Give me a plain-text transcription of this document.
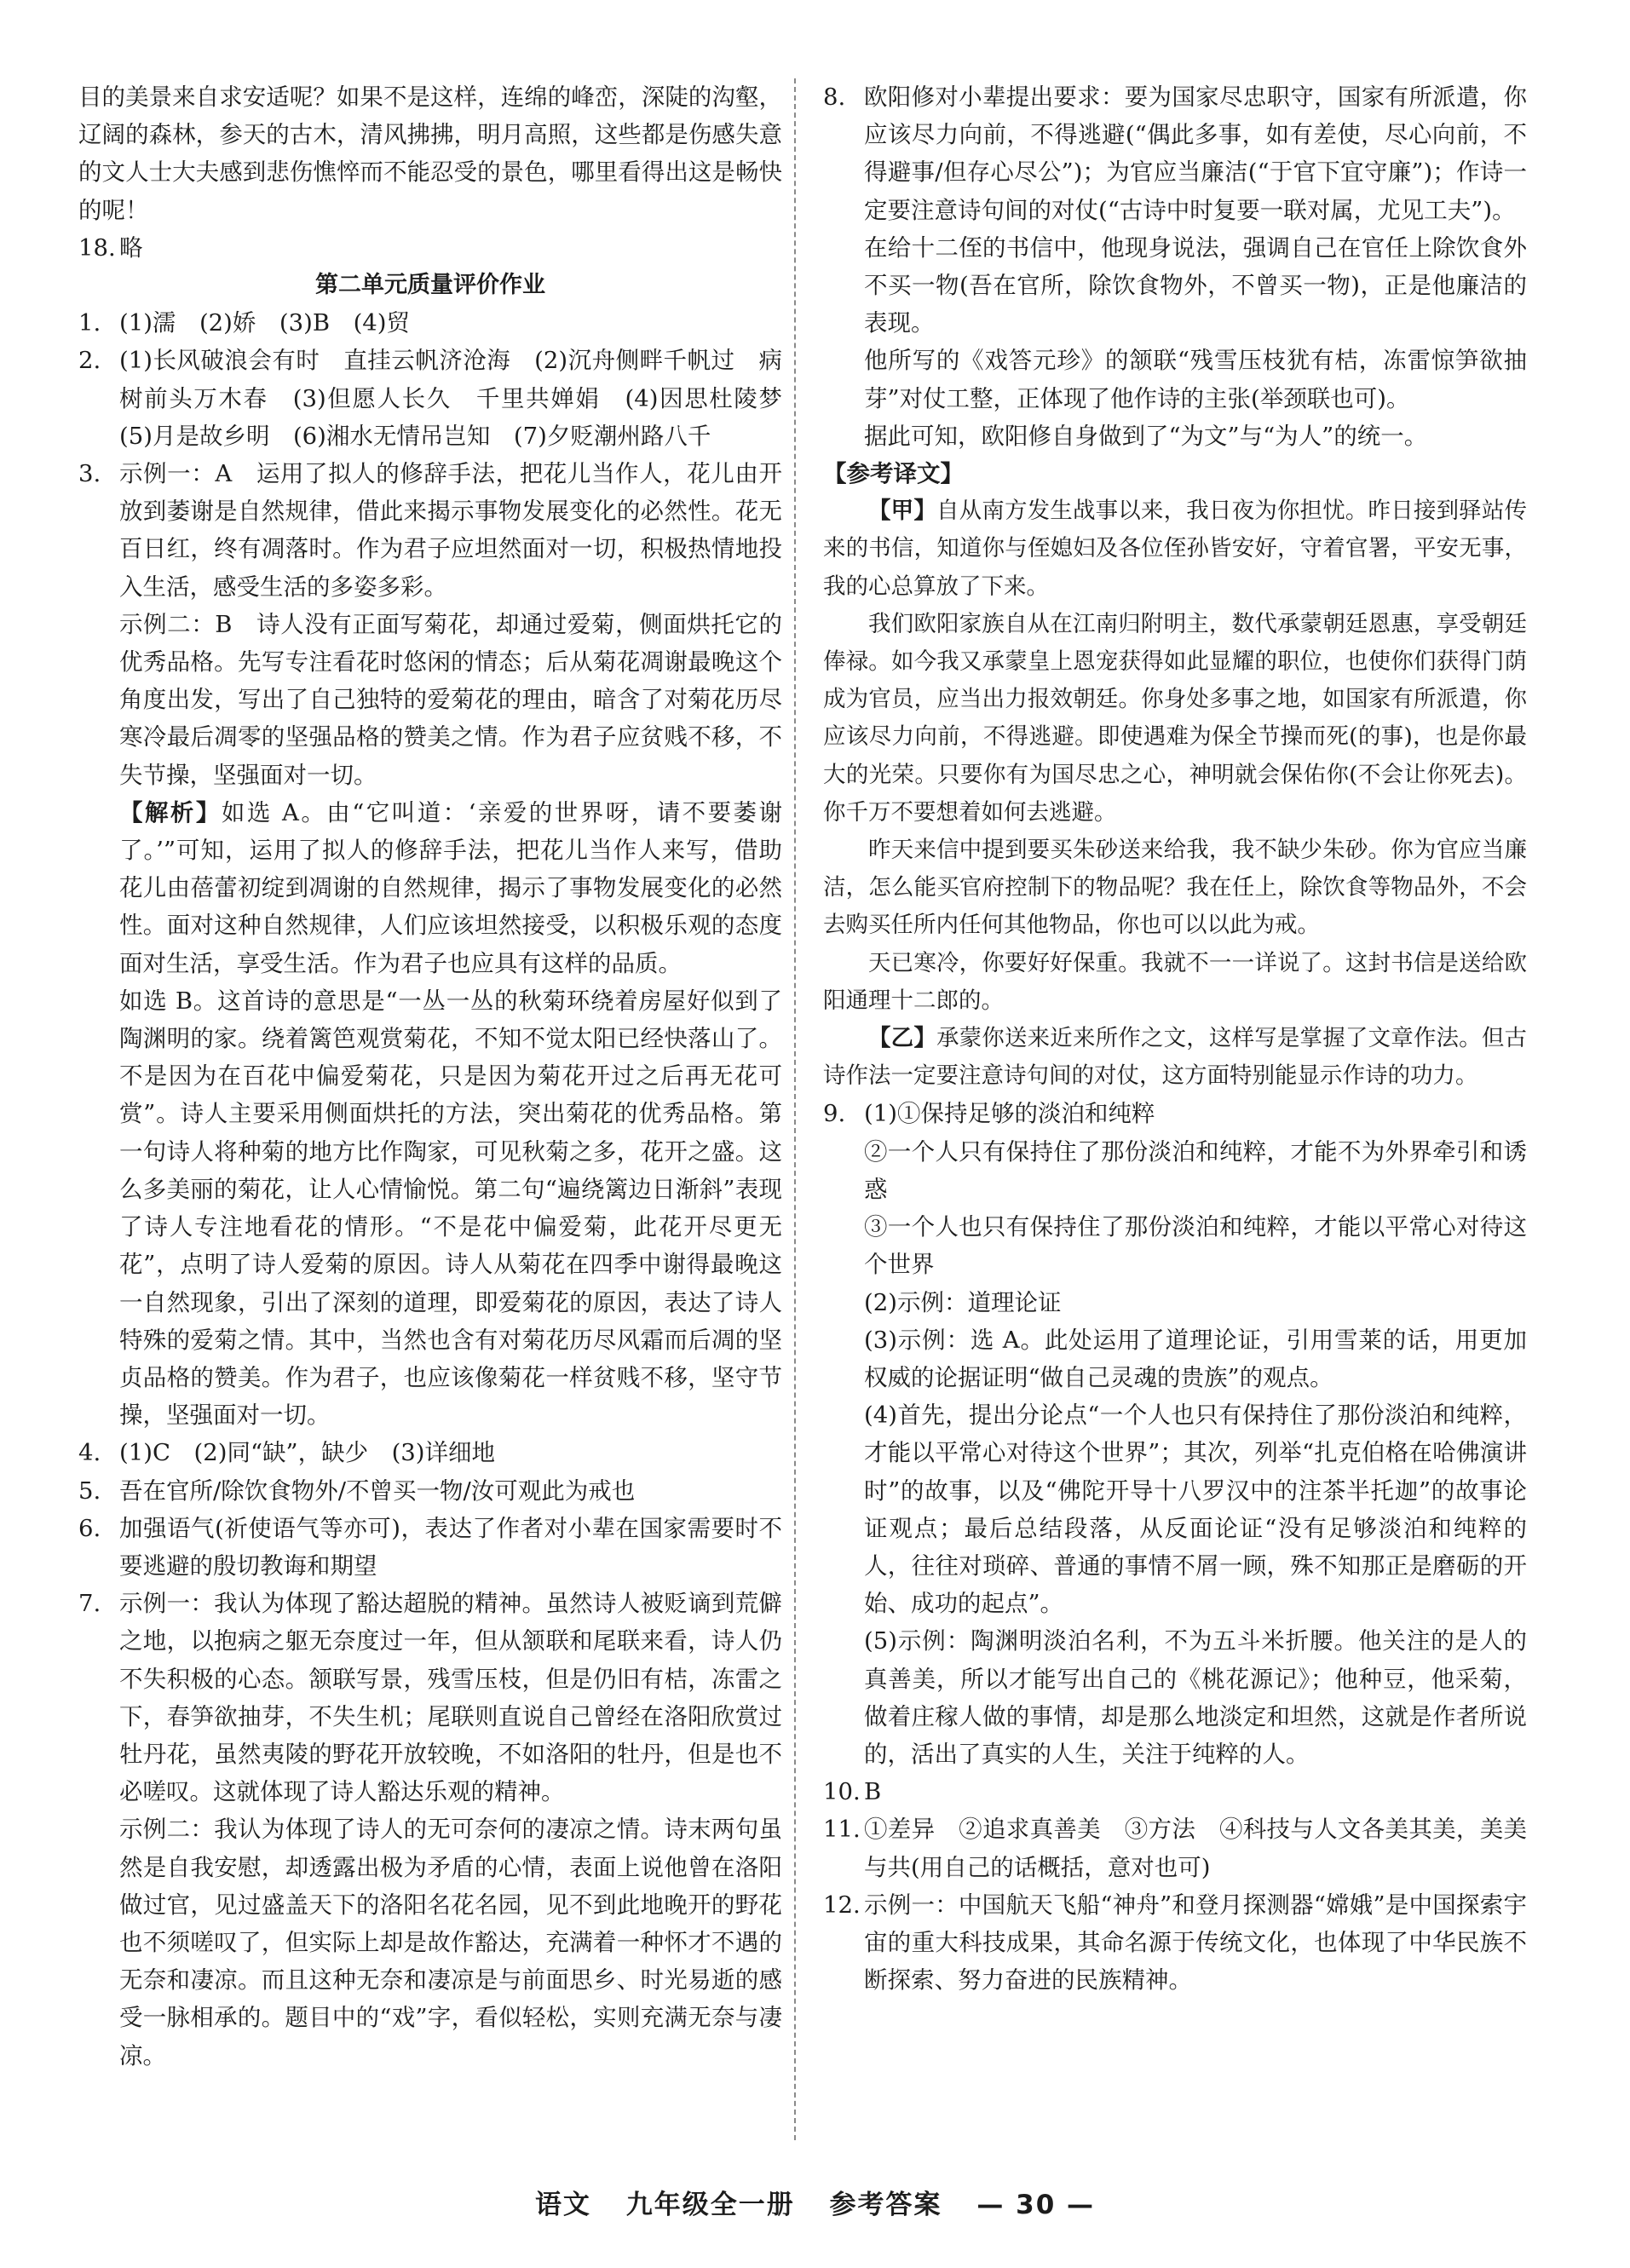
目的美景来自求安适呢？如果不是这样，连绵的峰峦，深陡的沟壑，辽阔的森林，参天的古木，清风拂拂，明月高照，这些都是伤感失意的文人士大夫感到悲伤憔悴而不能忍受的景色，哪里看得出这是畅快的呢！
18. 略
第二单元质量评价作业
1. (1)濡　(2)娇　(3)B　(4)贸
2. (1)长风破浪会有时　直挂云帆济沧海　(2)沉舟侧畔千帆过　病树前头万木春　(3)但愿人长久　千里共婵娟　(4)因思杜陵梦　(5)月是故乡明　(6)湘水无情吊岂知　(7)夕贬潮州路八千
3. 示例一：A　运用了拟人的修辞手法，把花儿当作人，花儿由开放到萎谢是自然规律，借此来揭示事物发展变化的必然性。花无百日红，终有凋落时。作为君子应坦然面对一切，积极热情地投入生活，感受生活的多姿多彩。
示例二：B　诗人没有正面写菊花，却通过爱菊，侧面烘托它的优秀品格。先写专注看花时悠闲的情态；后从菊花凋谢最晚这个角度出发，写出了自己独特的爱菊花的理由，暗含了对菊花历尽寒冷最后凋零的坚强品格的赞美之情。作为君子应贫贱不移，不失节操，坚强面对一切。
【解析】如选 A。由“它叫道：‘亲爱的世界呀，请不要萎谢了。’”可知，运用了拟人的修辞手法，把花儿当作人来写，借助花儿由蓓蕾初绽到凋谢的自然规律，揭示了事物发展变化的必然性。面对这种自然规律，人们应该坦然接受，以积极乐观的态度面对生活，享受生活。作为君子也应具有这样的品质。
如选 B。这首诗的意思是“一丛一丛的秋菊环绕着房屋好似到了陶渊明的家。绕着篱笆观赏菊花，不知不觉太阳已经快落山了。不是因为在百花中偏爱菊花，只是因为菊花开过之后再无花可赏”。诗人主要采用侧面烘托的方法，突出菊花的优秀品格。第一句诗人将种菊的地方比作陶家，可见秋菊之多，花开之盛。这么多美丽的菊花，让人心情愉悦。第二句“遍绕篱边日渐斜”表现了诗人专注地看花的情形。“不是花中偏爱菊，此花开尽更无花”，点明了诗人爱菊的原因。诗人从菊花在四季中谢得最晚这一自然现象，引出了深刻的道理，即爱菊花的原因，表达了诗人特殊的爱菊之情。其中，当然也含有对菊花历尽风霜而后凋的坚贞品格的赞美。作为君子，也应该像菊花一样贫贱不移，坚守节操，坚强面对一切。
4. (1)C　(2)同“缺”，缺少　(3)详细地
5. 吾在官所/除饮食物外/不曾买一物/汝可观此为戒也
6. 加强语气(祈使语气等亦可)，表达了作者对小辈在国家需要时不要逃避的殷切教诲和期望
7. 示例一：我认为体现了豁达超脱的精神。虽然诗人被贬谪到荒僻之地，以抱病之躯无奈度过一年，但从颔联和尾联来看，诗人仍不失积极的心态。颔联写景，残雪压枝，但是仍旧有桔，冻雷之下，春笋欲抽芽，不失生机；尾联则直说自己曾经在洛阳欣赏过牡丹花，虽然夷陵的野花开放较晚，不如洛阳的牡丹，但是也不必嗟叹。这就体现了诗人豁达乐观的精神。
示例二：我认为体现了诗人的无可奈何的凄凉之情。诗末两句虽然是自我安慰，却透露出极为矛盾的心情，表面上说他曾在洛阳做过官，见过盛盖天下的洛阳名花名园，见不到此地晚开的野花也不须嗟叹了，但实际上却是故作豁达，充满着一种怀才不遇的无奈和凄凉。而且这种无奈和凄凉是与前面思乡、时光易逝的感受一脉相承的。题目中的“戏”字，看似轻松，实则充满无奈与凄凉。
8. 欧阳修对小辈提出要求：要为国家尽忠职守，国家有所派遣，你应该尽力向前，不得逃避(“偶此多事，如有差使，尽心向前，不得避事/但存心尽公”)；为官应当廉洁(“于官下宜守廉”)；作诗一定要注意诗句间的对仗(“古诗中时复要一联对属，尤见工夫”)。
在给十二侄的书信中，他现身说法，强调自己在官任上除饮食外不买一物(吾在官所，除饮食物外，不曾买一物)，正是他廉洁的表现。
他所写的《戏答元珍》的颔联“残雪压枝犹有桔，冻雷惊笋欲抽芽”对仗工整，正体现了他作诗的主张(举颈联也可)。
据此可知，欧阳修自身做到了“为文”与“为人”的统一。
【参考译文】
【甲】自从南方发生战事以来，我日夜为你担忧。昨日接到驿站传来的书信，知道你与侄媳妇及各位侄孙皆安好，守着官署，平安无事，我的心总算放了下来。
我们欧阳家族自从在江南归附明主，数代承蒙朝廷恩惠，享受朝廷俸禄。如今我又承蒙皇上恩宠获得如此显耀的职位，也使你们获得门荫成为官员，应当出力报效朝廷。你身处多事之地，如国家有所派遣，你应该尽力向前，不得逃避。即使遇难为保全节操而死(的事)，也是你最大的光荣。只要你有为国尽忠之心，神明就会保佑你(不会让你死去)。你千万不要想着如何去逃避。
昨天来信中提到要买朱砂送来给我，我不缺少朱砂。你为官应当廉洁，怎么能买官府控制下的物品呢？我在任上，除饮食等物品外，不会去购买任所内任何其他物品，你也可以以此为戒。
天已寒冷，你要好好保重。我就不一一详说了。这封书信是送给欧阳通理十二郎的。
【乙】承蒙你送来近来所作之文，这样写是掌握了文章作法。但古诗作法一定要注意诗句间的对仗，这方面特别能显示作诗的功力。
9. (1)①保持足够的淡泊和纯粹
②一个人只有保持住了那份淡泊和纯粹，才能不为外界牵引和诱惑
③一个人也只有保持住了那份淡泊和纯粹，才能以平常心对待这个世界
(2)示例：道理论证
(3)示例：选 A。此处运用了道理论证，引用雪莱的话，用更加权威的论据证明“做自己灵魂的贵族”的观点。
(4)首先，提出分论点“一个人也只有保持住了那份淡泊和纯粹，才能以平常心对待这个世界”；其次，列举“扎克伯格在哈佛演讲时”的故事，以及“佛陀开导十八罗汉中的注茶半托迦”的故事论证观点；最后总结段落，从反面论证“没有足够淡泊和纯粹的人，往往对琐碎、普通的事情不屑一顾，殊不知那正是磨砺的开始、成功的起点”。
(5)示例：陶渊明淡泊名利，不为五斗米折腰。他关注的是人的真善美，所以才能写出自己的《桃花源记》；他种豆，他采菊，做着庄稼人做的事情，却是那么地淡定和坦然，这就是作者所说的，活出了真实的人生，关注于纯粹的人。
10. B
11. ①差异　②追求真善美　③方法　④科技与人文各美其美，美美与共(用自己的话概括，意对也可)
12. 示例一：中国航天飞船“神舟”和登月探测器“嫦娥”是中国探索宇宙的重大科技成果，其命名源于传统文化，也体现了中华民族不断探索、努力奋进的民族精神。
语文 九年级全一册 参考答案 — 30 —
